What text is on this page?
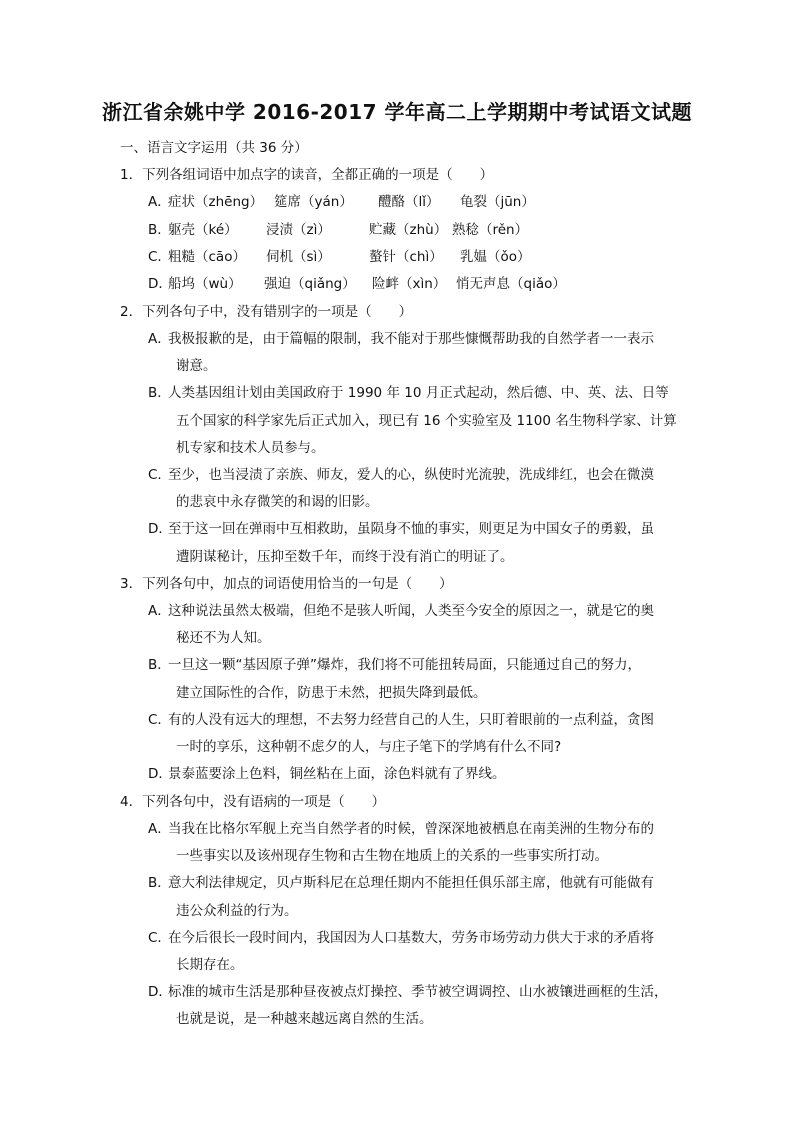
浙江省余姚中学 2016-2017 学年高二上学期期中考试语文试题
一、语言文字运用（共 36 分）
1．下列各组词语中加点字的读音，全都正确的一项是（　　）
A．
症状（zhēng） 筵席（yán） 醴酪（lǐ） 龟裂（jūn）
B．
躯壳（ké） 浸渍（zì）	贮藏（zhù） 熟稔（rěn）
C．
粗糙（cāo） 伺机（sì）	螯针（chì） 乳媪（ǒo）
D．
船坞（wù） 强迫（qiǎng） 险衅（xìn） 悄无声息（qiǎo）
2．下列各句子中，没有错别字的一项是（　　）
A．我极报歉的是，由于篇幅的限制，我不能对于那些慷慨帮助我的自然学者一一表示
谢意。
B．人类基因组计划由美国政府于 1990 年 10 月正式起动，然后德、中、英、法、日等
五个国家的科学家先后正式加入，现已有 16 个实验室及 1100 名生物科学家、计算
机专家和技术人员参与。
C．至少，也当浸渍了亲族、师友，爱人的心，纵使时光流驶，洗成绯红，也会在微漠
的悲哀中永存微笑的和谒的旧影。
D．至于这一回在弹雨中互相救助，虽陨身不恤的事实，则更足为中国女子的勇毅，虽
遭阴谋秘计，压抑至数千年，而终于没有消亡的明证了。
3．下列各句中，加点的词语使用恰当的一句是（　　）
A．这种说法虽然太极端，但绝不是骇人听闻，人类至今安全的原因之一，就是它的奥
秘还不为人知。
B．一旦这一颗“基因原子弹”爆炸，我们将不可能扭转局面，只能通过自己的努力，
建立国际性的合作，防患于未然，把损失降到最低。
C．有的人没有远大的理想，不去努力经营自己的人生，只盯着眼前的一点利益，贪图
一时的享乐，这种朝不虑夕的人，与庄子笔下的学鸠有什么不同?
D．景泰蓝要涂上色料，铜丝粘在上面，涂色料就有了界线。
4．下列各句中，没有语病的一项是（　　）
A．当我在比格尔军舰上充当自然学者的时候，曾深深地被栖息在南美洲的生物分布的
一些事实以及该州现存生物和古生物在地质上的关系的一些事实所打动。
B．意大利法律规定，贝卢斯科尼在总理任期内不能担任俱乐部主席，他就有可能做有
违公众利益的行为。
C．在今后很长一段时间内，我国因为人口基数大，劳务市场劳动力供大于求的矛盾将
长期存在。
D．标准的城市生活是那种昼夜被点灯操控、季节被空调调控、山水被镶进画框的生活，
也就是说，是一种越来越远离自然的生活。
